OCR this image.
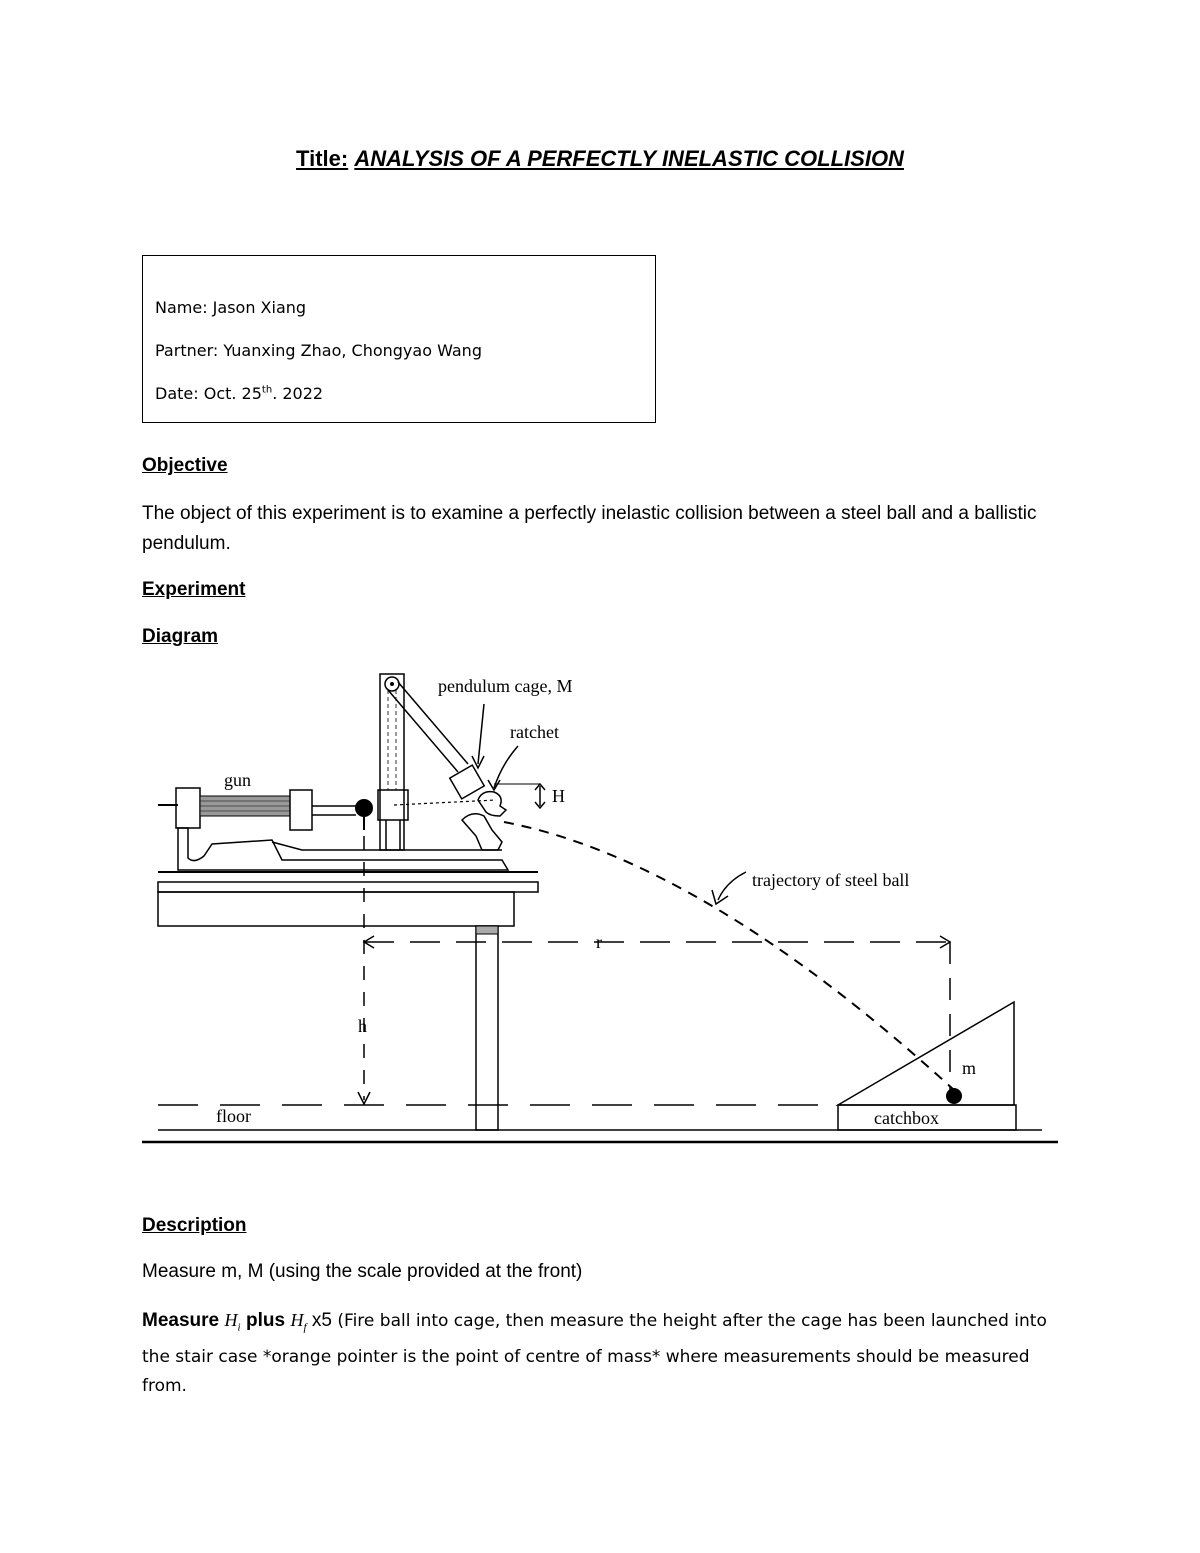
Title: ANALYSIS OF A PERFECTLY INELASTIC COLLISION
Name: Jason Xiang
Partner: Yuanxing Zhao, Chongyao Wang
Date: Oct. 25th. 2022
Objective

The object of this experiment is to examine a perfectly inelastic collision between a steel ball and a ballistic pendulum.

Experiment
Diagram
pendulum cage, M
ratchet
gun
H
trajectory of steel ball
r
h
catchbox
m
floor
Description

Measure m, M (using the scale provided at the front)

Measure $H_i$ plus $H_f$ x5 (Fire ball into cage, then measure the height after the cage has been launched into the stair case *orange pointer is the point of centre of mass* where measurements should be measured from.
